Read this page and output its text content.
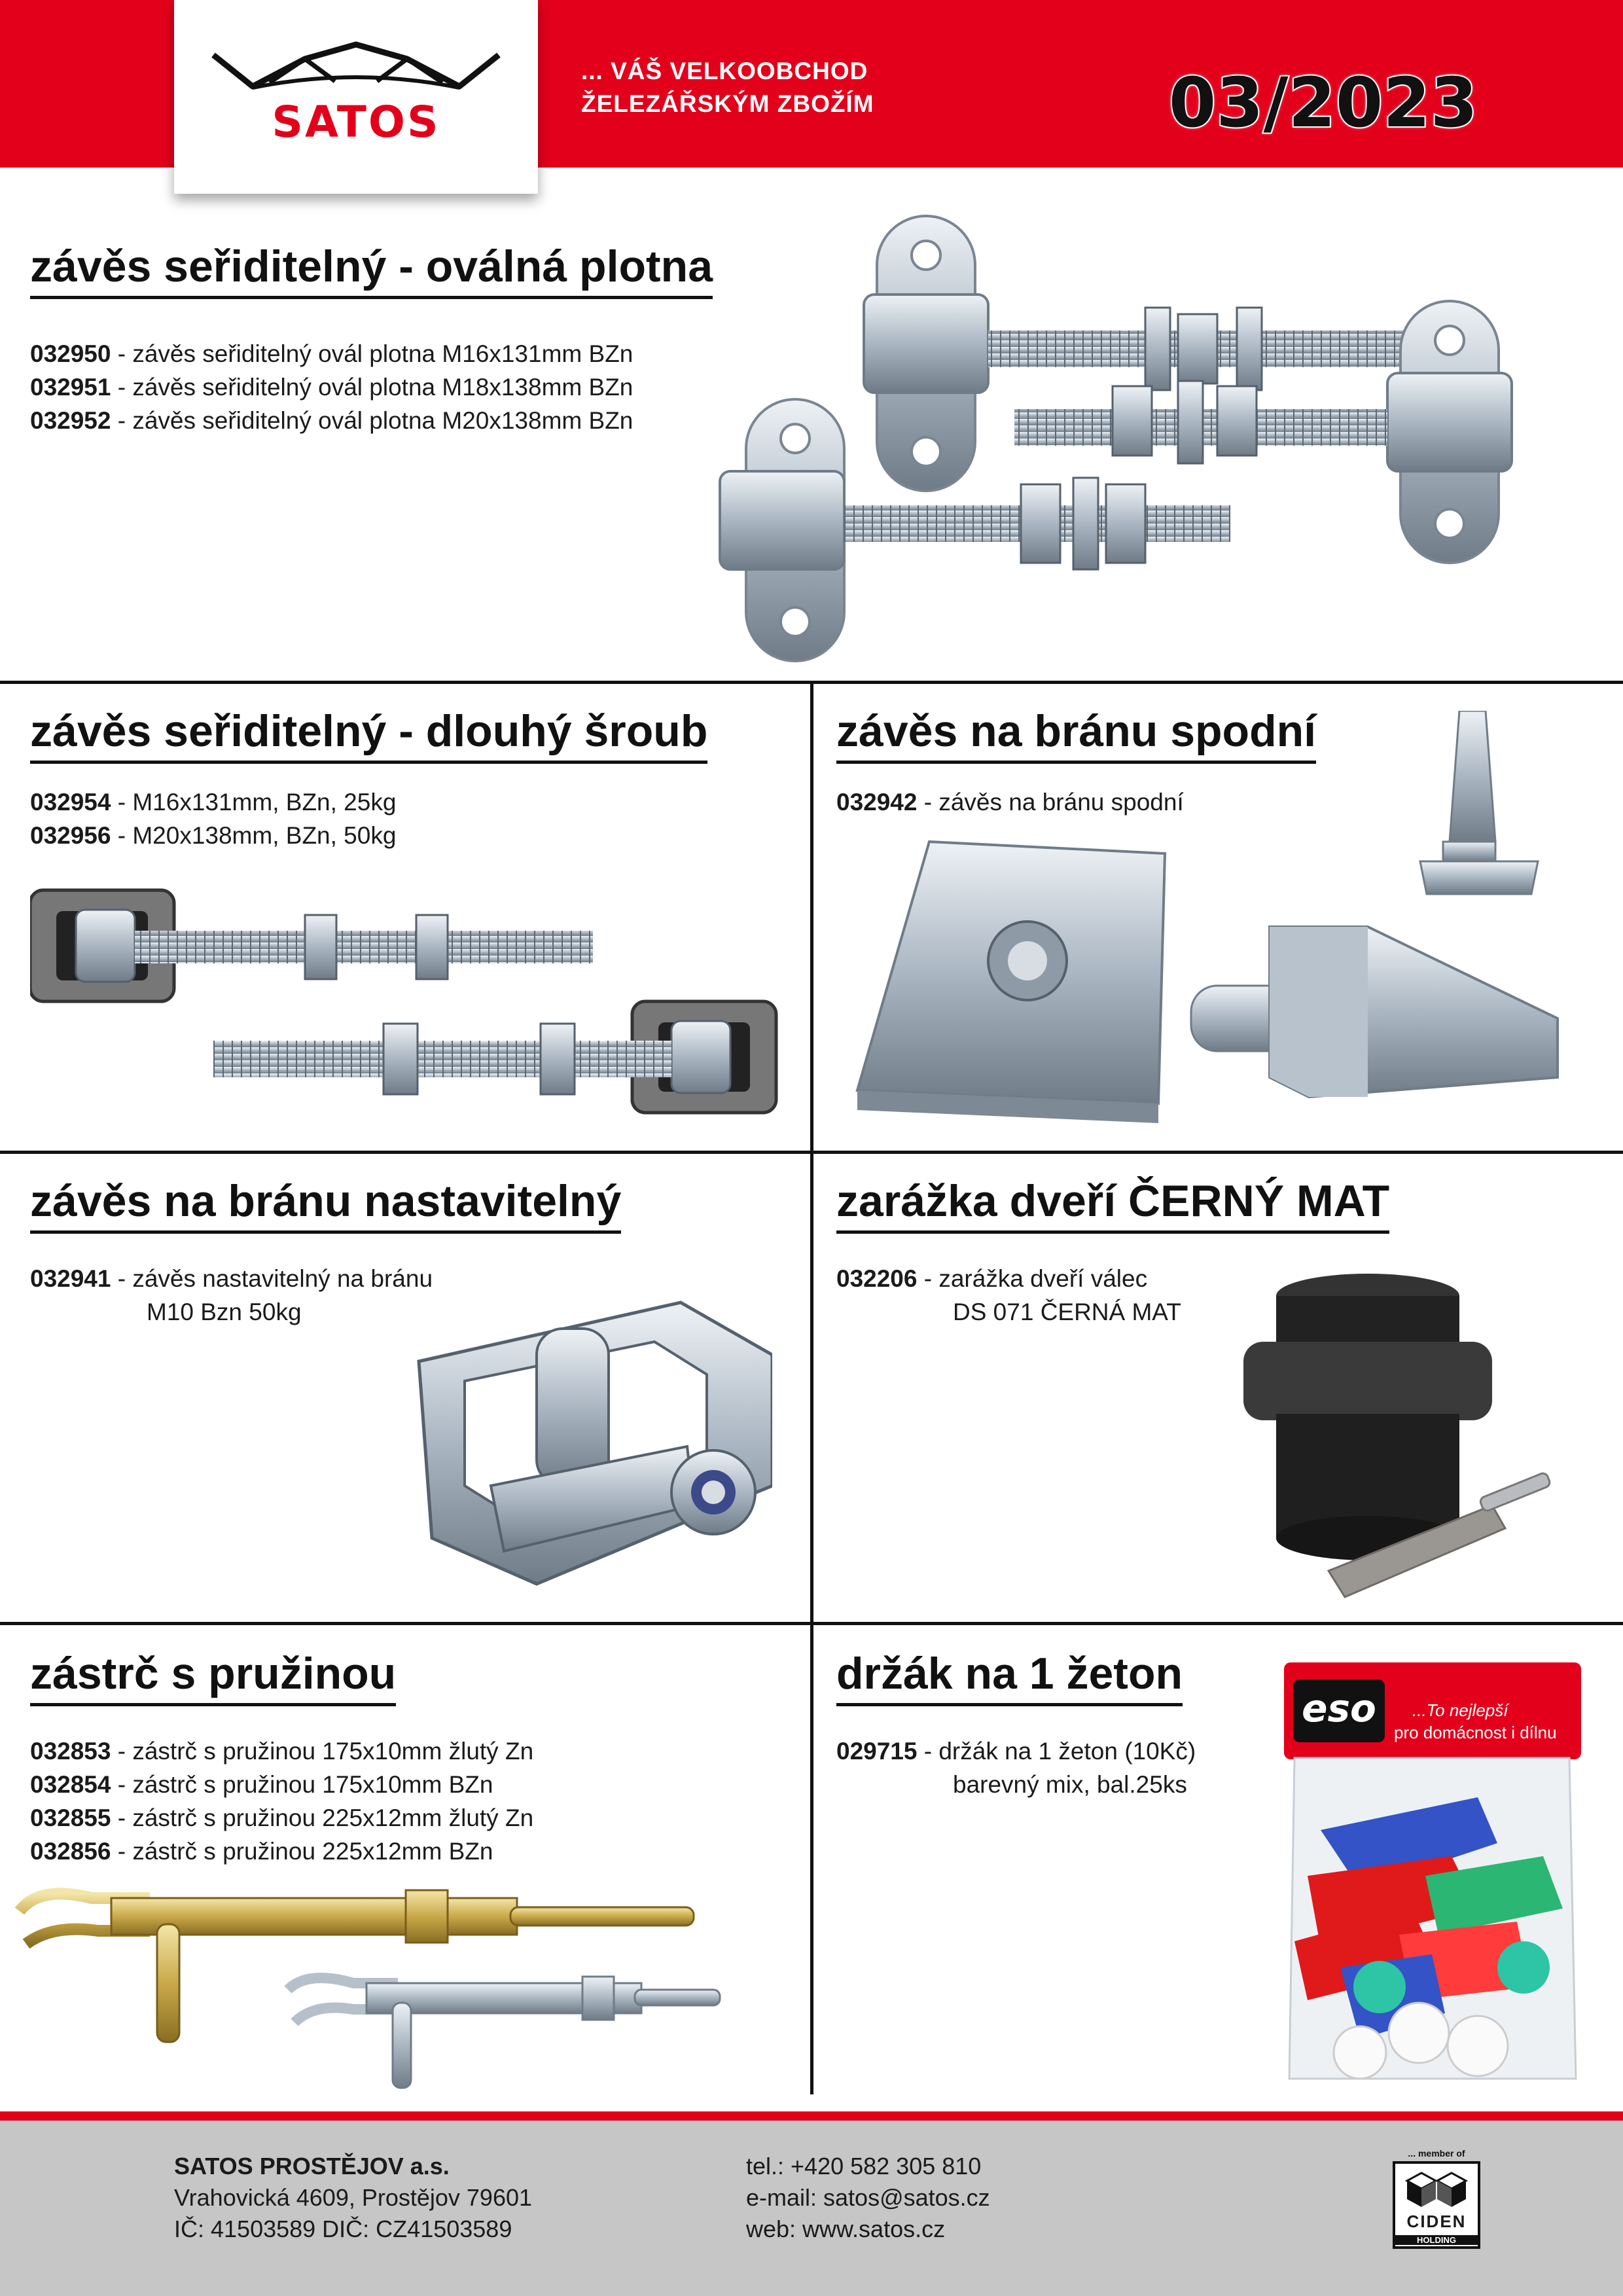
SATOS
... VÁŠ VELKOOBCHOD
ŽELEZÁŘSKÝM ZBOŽÍM	03/2023
závěs seřiditelný - oválná plotna
032950 - závěs seřiditelný ovál plotna M16x131mm BZn
032951 - závěs seřiditelný ovál plotna M18x138mm BZn
032952 - závěs seřiditelný ovál plotna M20x138mm BZn
závěs seřiditelný - dlouhý šroub
032954 - M16x131mm, BZn, 25kg
032956 - M20x138mm, BZn, 50kg
závěs na bránu spodní
032942 - závěs na bránu spodní
závěs na bránu nastavitelný
032941 - závěs nastavitelný na bránu
M10 Bzn 50kg
zarážka dveří ČERNÝ MAT
032206 - zarážka dveří válec
DS 071 ČERNÁ MAT
zástrč s pružinou
032853 - zástrč s pružinou 175x10mm žlutý Zn
032854 - zástrč s pružinou 175x10mm BZn
032855 - zástrč s pružinou 225x12mm žlutý Zn
032856 - zástrč s pružinou 225x12mm BZn
držák na 1 žeton
029715 - držák na 1 žeton (10Kč)
barevný mix, bal.25ks
eso	...To nejlepší
pro domácnost i dílnu
SATOS PROSTĚJOV a.s.
Vrahovická 4609, Prostějov 79601
IČ: 41503589 DIČ: CZ41503589
tel.: +420 582 305 810
e-mail: satos@satos.cz
web: www.satos.cz
... member of
CIDEN
HOLDING
